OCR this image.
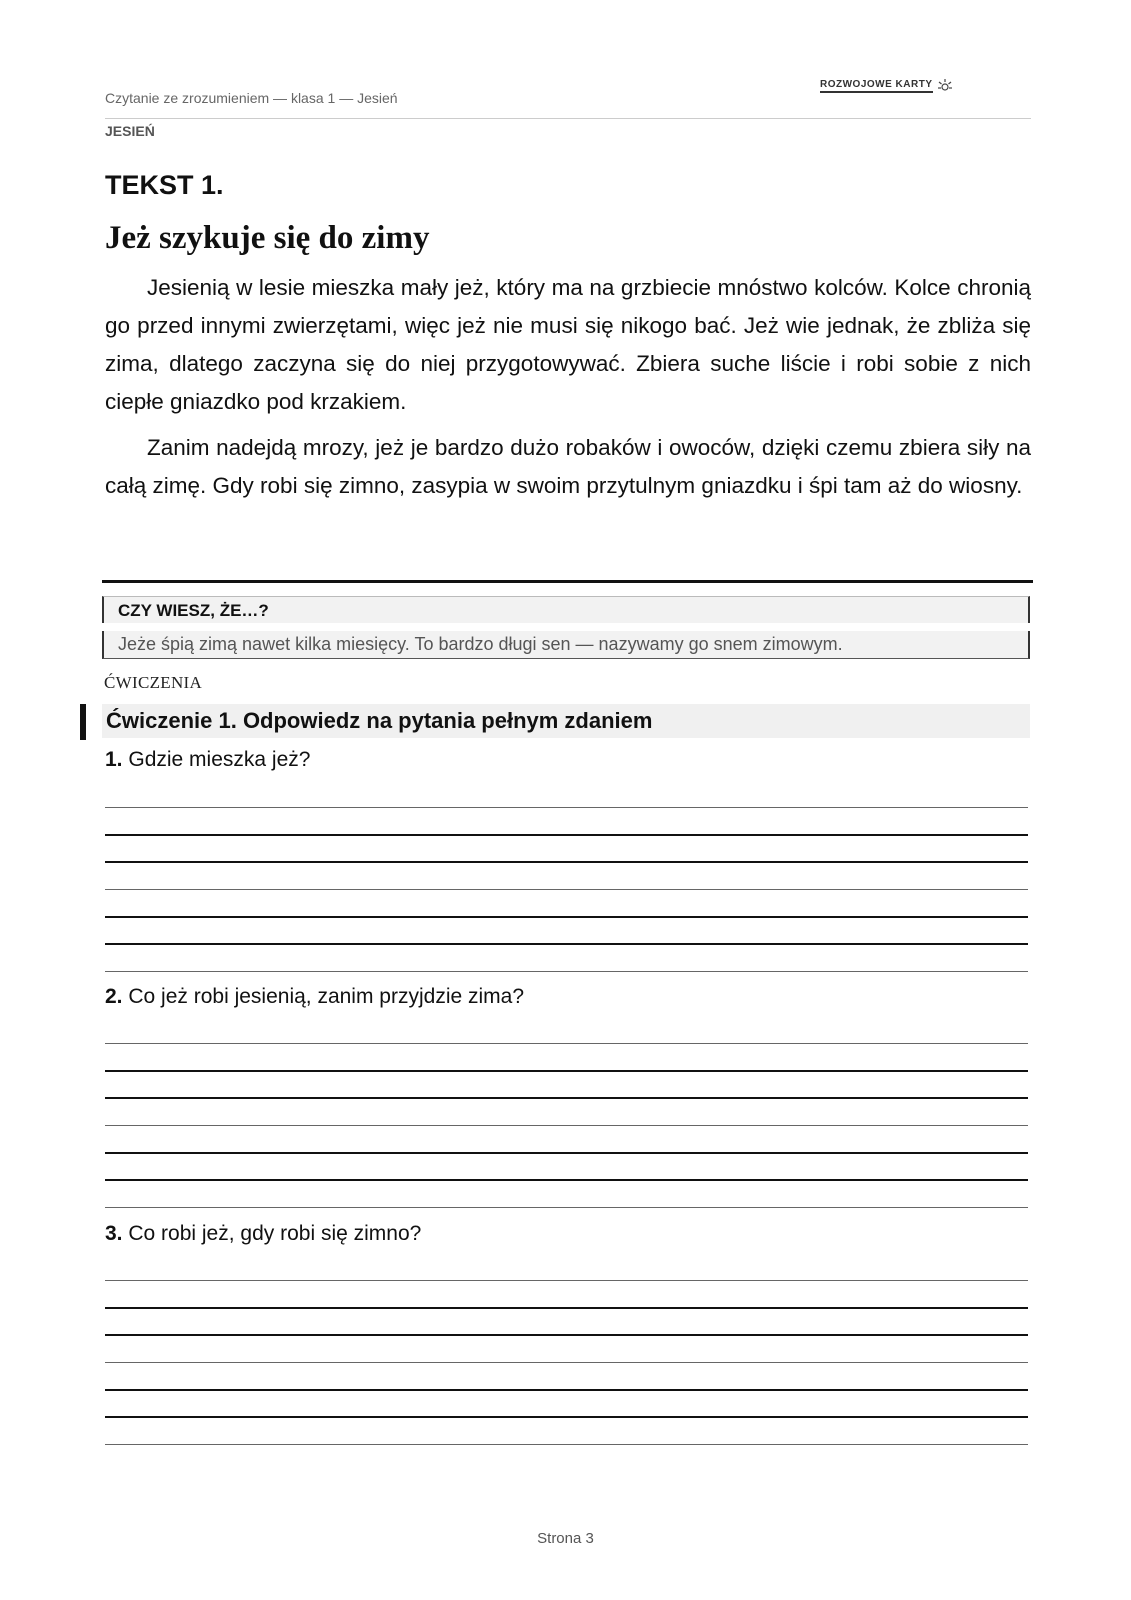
Czytanie ze zrozumieniem — klasa 1 — Jesień
ROZWOJOWE KARTY
JESIEŃ
TEKST 1.
Jeż szykuje się do zimy

Jesienią w lesie mieszka mały jeż, który ma na grzbiecie mnóstwo kolców. Kolce chronią go przed innymi zwierzętami, więc jeż nie musi się nikogo bać. Jeż wie jednak, że zbliża się zima, dlatego zaczyna się do niej przygotowywać. Zbiera suche liście i robi sobie z nich ciepłe gniazdko pod krzakiem.

Zanim nadejdą mrozy, jeż je bardzo dużo robaków i owoców, dzięki czemu zbiera siły na całą zimę. Gdy robi się zimno, zasypia w swoim przytulnym gniazdku i śpi tam aż do wiosny.

CZY WIESZ, ŻE…?
Jeże śpią zimą nawet kilka miesięcy. To bardzo długi sen — nazywamy go snem zimowym.
ĆWICZENIA
Ćwiczenie 1. Odpowiedz na pytania pełnym zdaniem
1. Gdzie mieszka jeż?
2. Co jeż robi jesienią, zanim przyjdzie zima?
3. Co robi jeż, gdy robi się zimno?
Strona 3
